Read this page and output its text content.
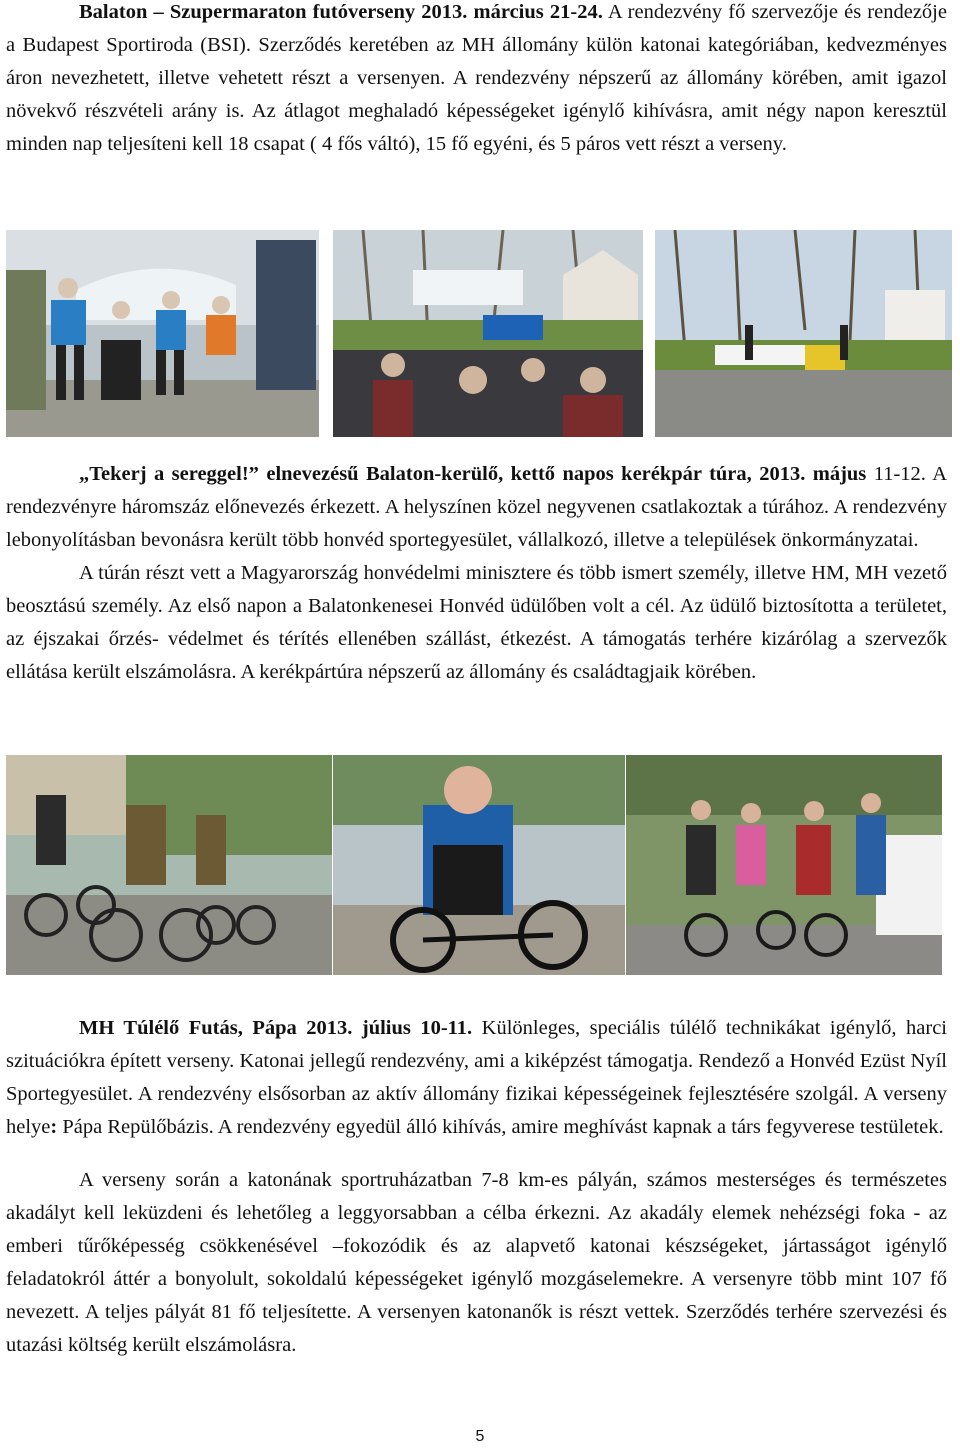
Balaton – Szupermaraton futóverseny 2013. március 21-24. A rendezvény fő szervezője és rendezője a Budapest Sportiroda (BSI). Szerződés keretében az MH állomány külön katonai kategóriában, kedvezményes áron nevezhetett, illetve vehetett részt a versenyen. A rendezvény népszerű az állomány körében, amit igazol növekvő részvételi arány is. Az átlagot meghaladó képességeket igénylő kihívásra, amit négy napon keresztül minden nap teljesíteni kell 18 csapat ( 4 fős váltó), 15 fő egyéni, és 5 páros vett részt a verseny.

„Tekerj a sereggel!” elnevezésű Balaton-kerülő, kettő napos kerékpár túra, 2013. május 11-12. A rendezvényre háromszáz előnevezés érkezett. A helyszínen közel negyvenen csatlakoztak a túrához. A rendezvény lebonyolításban bevonásra került több honvéd sportegyesület, vállalkozó, illetve a települések önkormányzatai.

A túrán részt vett a Magyarország honvédelmi minisztere és több ismert személy, illetve HM, MH vezető beosztású személy. Az első napon a Balatonkenesei Honvéd üdülőben volt a cél. Az üdülő biztosította a területet, az éjszakai őrzés- védelmet és térítés ellenében szállást, étkezést. A támogatás terhére kizárólag a szervezők ellátása került elszámolásra. A kerékpártúra népszerű az állomány és családtagjaik körében.

MH Túlélő Futás, Pápa 2013. július 10-11. Különleges, speciális túlélő technikákat igénylő, harci szituációkra épített verseny. Katonai jellegű rendezvény, ami a kiképzést támogatja. Rendező a Honvéd Ezüst Nyíl Sportegyesület. A rendezvény elsősorban az aktív állomány fizikai képességeinek fejlesztésére szolgál. A verseny helye: Pápa Repülőbázis. A rendezvény egyedül álló kihívás, amire meghívást kapnak a társ fegyverese testületek.

A verseny során a katonának sportruházatban 7-8 km-es pályán, számos mesterséges és természetes akadályt kell leküzdeni és lehetőleg a leggyorsabban a célba érkezni. Az akadály elemek nehézségi foka - az emberi tűrőképesség csökkenésével –fokozódik és az alapvető katonai készségeket, jártasságot igénylő feladatokról áttér a bonyolult, sokoldalú képességeket igénylő mozgáselemekre. A versenyre több mint 107 fő nevezett. A teljes pályát 81 fő teljesítette. A versenyen katonanők is részt vettek. Szerződés terhére szervezési és utazási költség került elszámolásra.

5
